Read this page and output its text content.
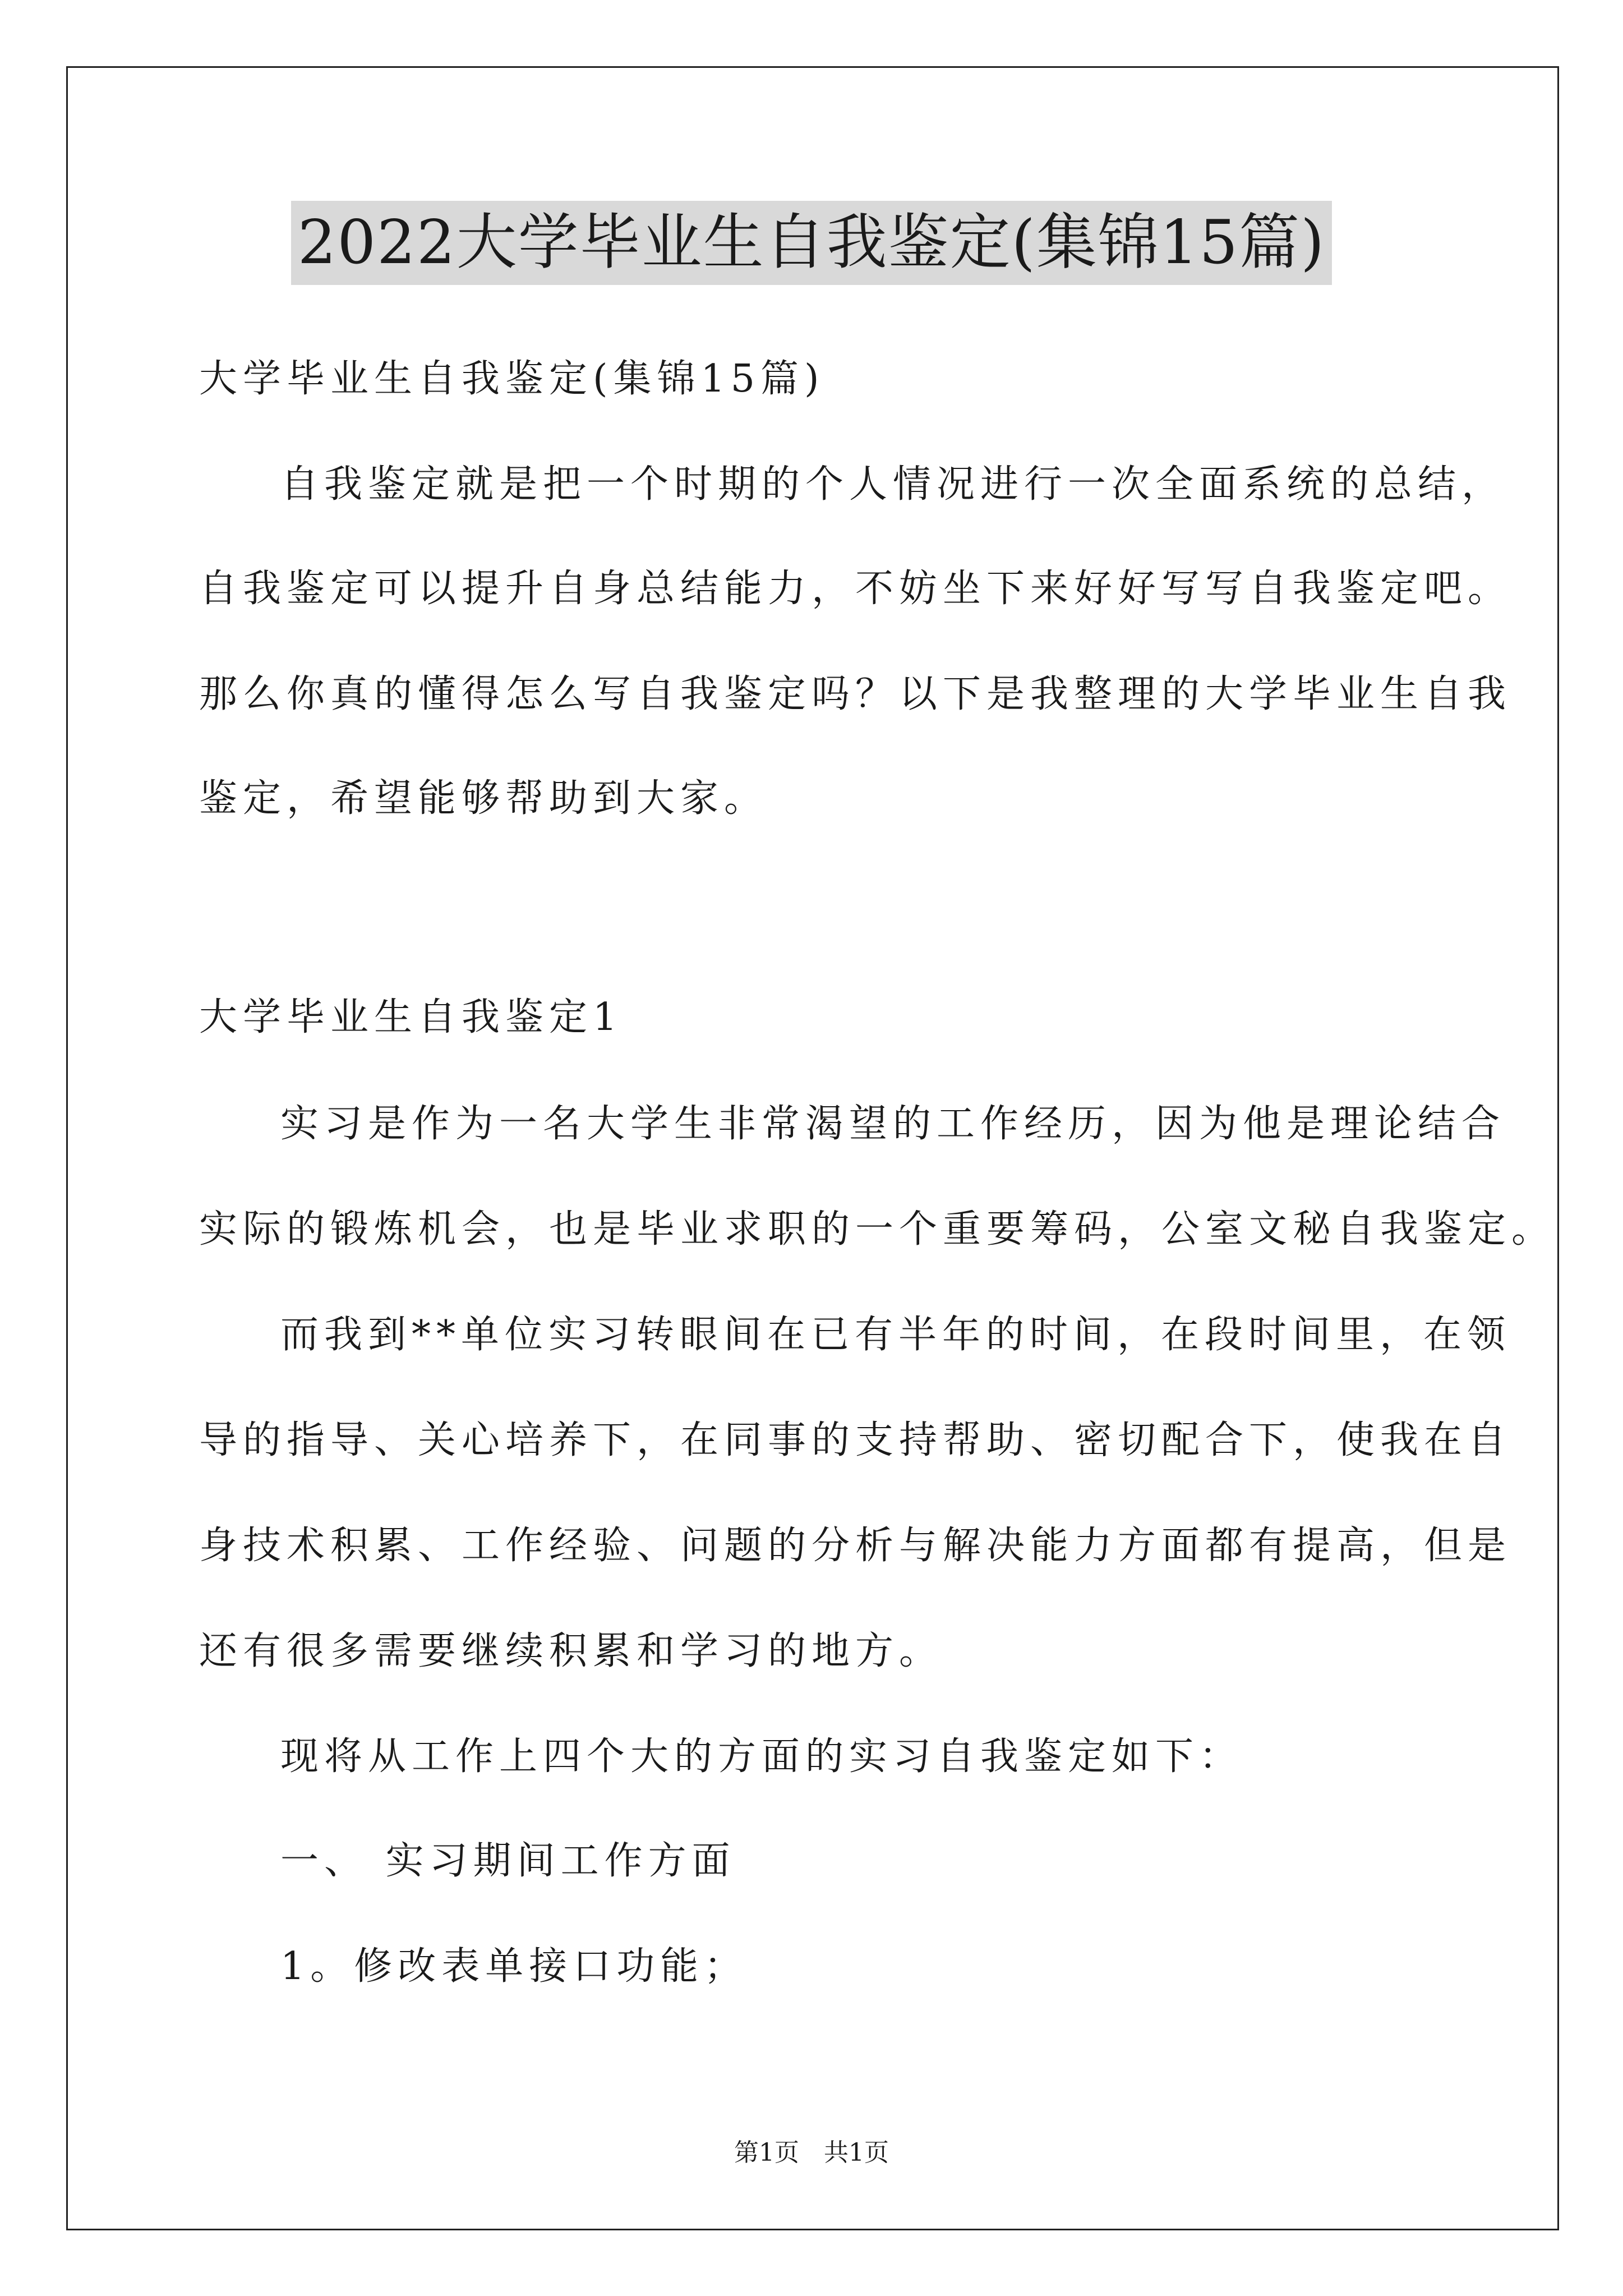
2022大学毕业生自我鉴定(集锦15篇)
大学毕业生自我鉴定(集锦15篇)
自我鉴定就是把一个时期的个人情况进行一次全面系统的总结，
自我鉴定可以提升自身总结能力，不妨坐下来好好写写自我鉴定吧。
那么你真的懂得怎么写自我鉴定吗？以下是我整理的大学毕业生自我
鉴定，希望能够帮助到大家。
大学毕业生自我鉴定1
实习是作为一名大学生非常渴望的工作经历，因为他是理论结合
实际的锻炼机会，也是毕业求职的一个重要筹码，公室文秘自我鉴定。
而我到**单位实习转眼间在已有半年的时间，在段时间里，在领
导的指导、关心培养下，在同事的支持帮助、密切配合下，使我在自
身技术积累、工作经验、问题的分析与解决能力方面都有提高，但是
还有很多需要继续积累和学习的地方。
现将从工作上四个大的方面的实习自我鉴定如下：
一、 实习期间工作方面
1。修改表单接口功能；
第1页　共1页
